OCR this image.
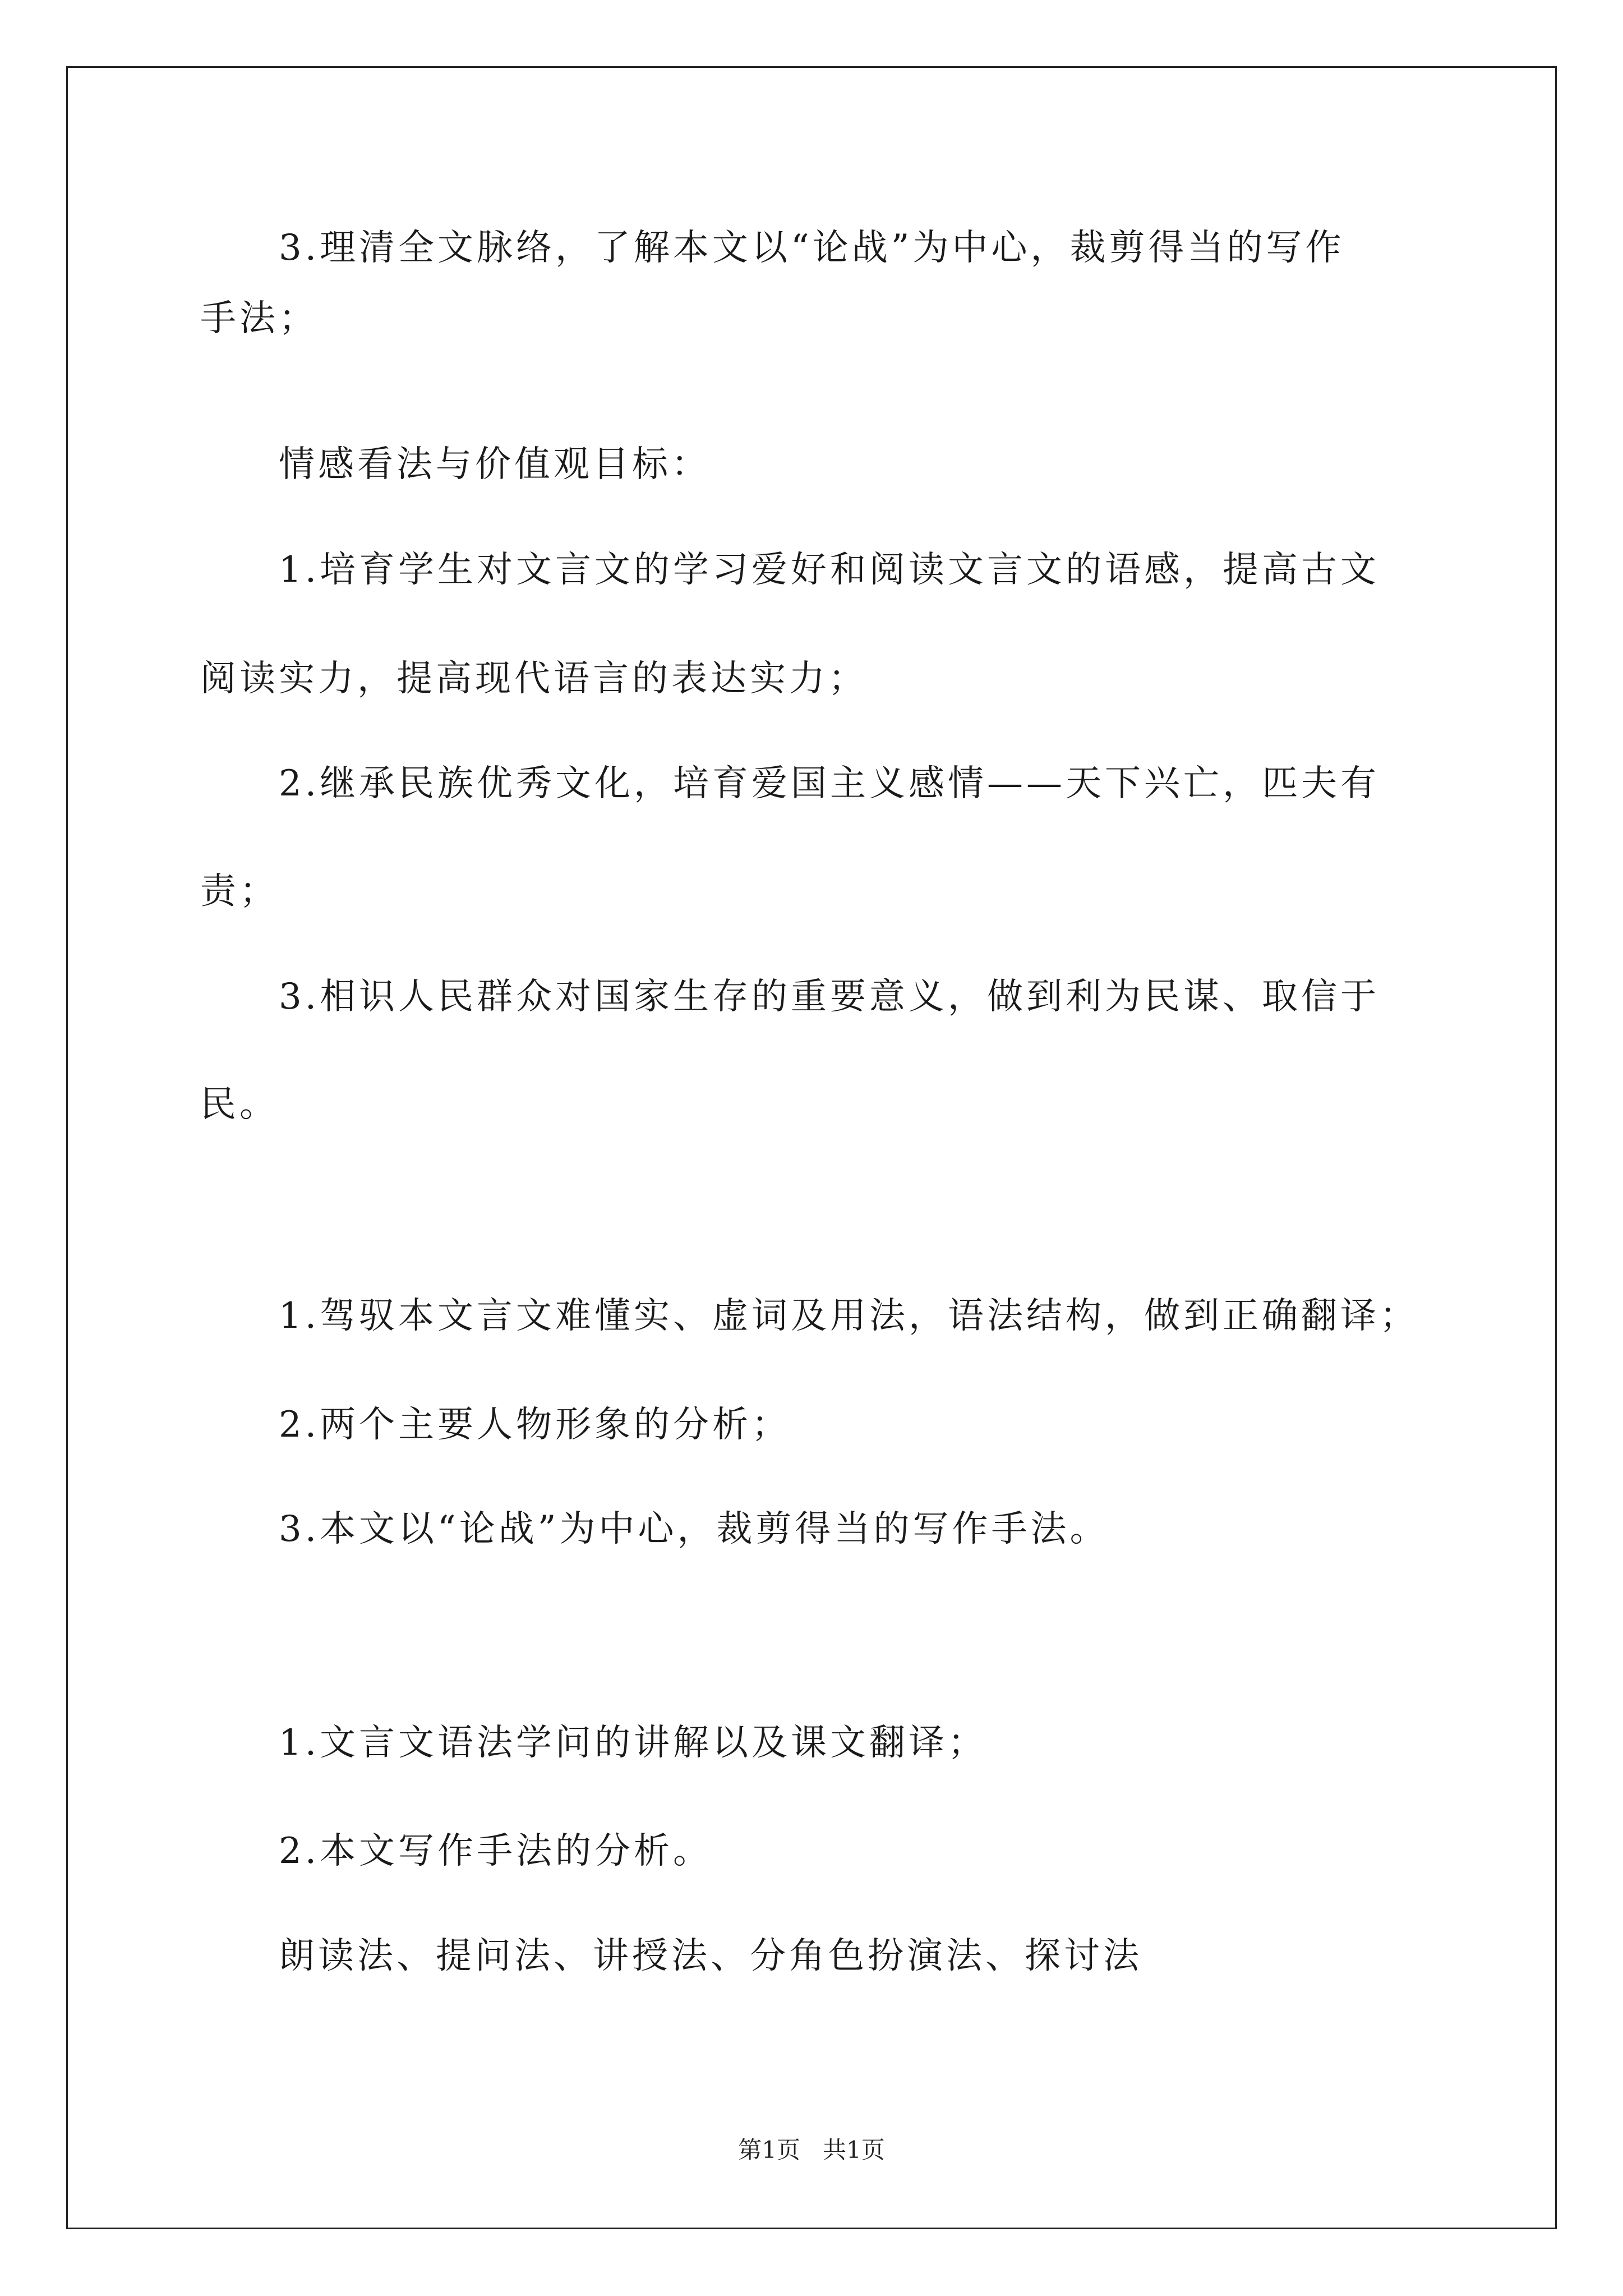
3.理清全文脉络，了解本文以“论战”为中心，裁剪得当的写作
手法；
情感看法与价值观目标：
1.培育学生对文言文的学习爱好和阅读文言文的语感，提高古文
阅读实力，提高现代语言的表达实力；
2.继承民族优秀文化，培育爱国主义感情——天下兴亡，匹夫有
责；
3.相识人民群众对国家生存的重要意义，做到利为民谋、取信于
民。
1.驾驭本文言文难懂实、虚词及用法，语法结构，做到正确翻译；
2.两个主要人物形象的分析；
3.本文以“论战”为中心，裁剪得当的写作手法。
1.文言文语法学问的讲解以及课文翻译；
2.本文写作手法的分析。
朗读法、提问法、讲授法、分角色扮演法、探讨法
第1页   共1页
